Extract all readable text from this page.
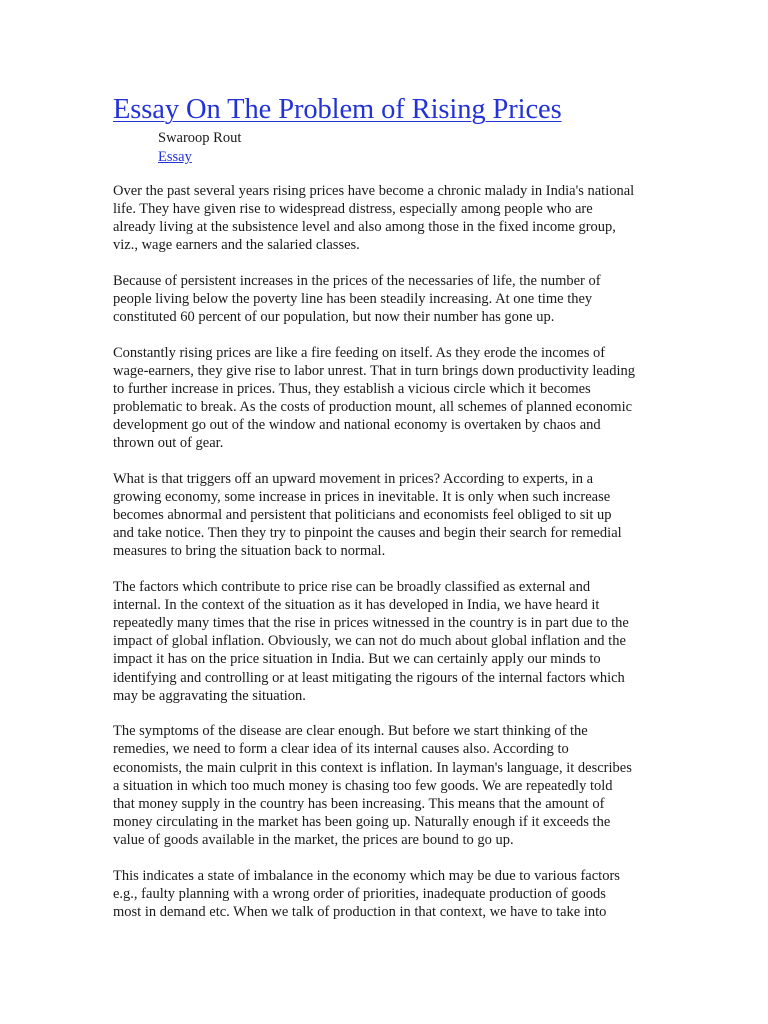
Essay On The Problem of Rising Prices
Swaroop Rout
Essay

Over the past several years rising prices have become a chronic malady in India's national
life. They have given rise to widespread distress, especially among people who are
already living at the subsistence level and also among those in the fixed income group,
viz., wage earners and the salaried classes.

Because of persistent increases in the prices of the necessaries of life, the number of
people living below the poverty line has been steadily increasing. At one time they
constituted 60 percent of our population, but now their number has gone up.

Constantly rising prices are like a fire feeding on itself. As they erode the incomes of
wage-earners, they give rise to labor unrest. That in turn brings down productivity leading
to further increase in prices. Thus, they establish a vicious circle which it becomes
problematic to break. As the costs of production mount, all schemes of planned economic
development go out of the window and national economy is overtaken by chaos and
thrown out of gear.

What is that triggers off an upward movement in prices? According to experts, in a
growing economy, some increase in prices in inevitable. It is only when such increase
becomes abnormal and persistent that politicians and economists feel obliged to sit up
and take notice. Then they try to pinpoint the causes and begin their search for remedial
measures to bring the situation back to normal.

The factors which contribute to price rise can be broadly classified as external and
internal. In the context of the situation as it has developed in India, we have heard it
repeatedly many times that the rise in prices witnessed in the country is in part due to the
impact of global inflation. Obviously, we can not do much about global inflation and the
impact it has on the price situation in India. But we can certainly apply our minds to
identifying and controlling or at least mitigating the rigours of the internal factors which
may be aggravating the situation.

The symptoms of the disease are clear enough. But before we start thinking of the
remedies, we need to form a clear idea of its internal causes also. According to
economists, the main culprit in this context is inflation. In layman's language, it describes
a situation in which too much money is chasing too few goods. We are repeatedly told
that money supply in the country has been increasing. This means that the amount of
money circulating in the market has been going up. Naturally enough if it exceeds the
value of goods available in the market, the prices are bound to go up.

This indicates a state of imbalance in the economy which may be due to various factors
e.g., faulty planning with a wrong order of priorities, inadequate production of goods
most in demand etc. When we talk of production in that context, we have to take into
